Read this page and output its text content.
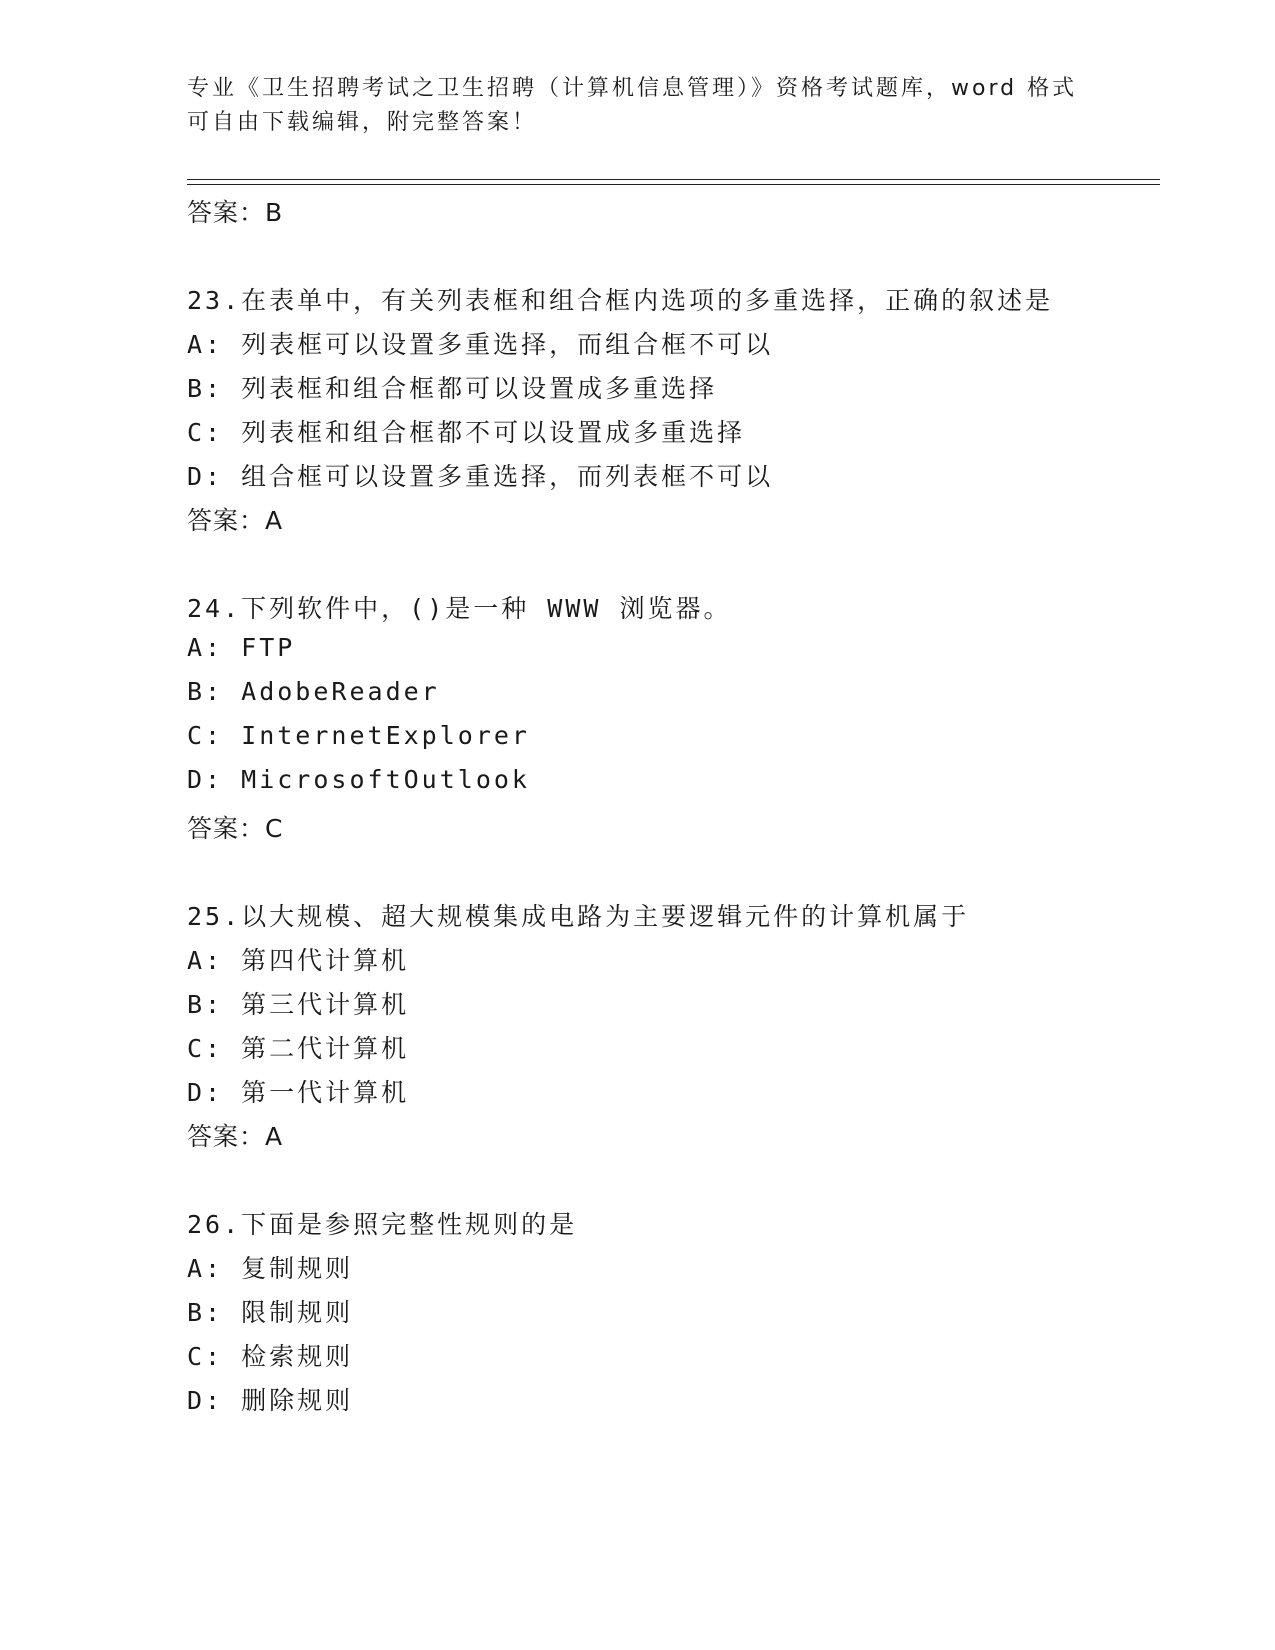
专业《卫生招聘考试之卫生招聘（计算机信息管理）》资格考试题库，word 格式
可自由下载编辑，附完整答案！
答案：B
23.在表单中，有关列表框和组合框内选项的多重选择，正确的叙述是
A: 列表框可以设置多重选择，而组合框不可以
B: 列表框和组合框都可以设置成多重选择
C: 列表框和组合框都不可以设置成多重选择
D: 组合框可以设置多重选择，而列表框不可以
答案：A
24.下列软件中，()是一种 WWW 浏览器。
A: FTP
B: AdobeReader
C: InternetExplorer
D: MicrosoftOutlook
答案：C
25.以大规模、超大规模集成电路为主要逻辑元件的计算机属于
A: 第四代计算机
B: 第三代计算机
C: 第二代计算机
D: 第一代计算机
答案：A
26.下面是参照完整性规则的是
A: 复制规则
B: 限制规则
C: 检索规则
D: 删除规则
